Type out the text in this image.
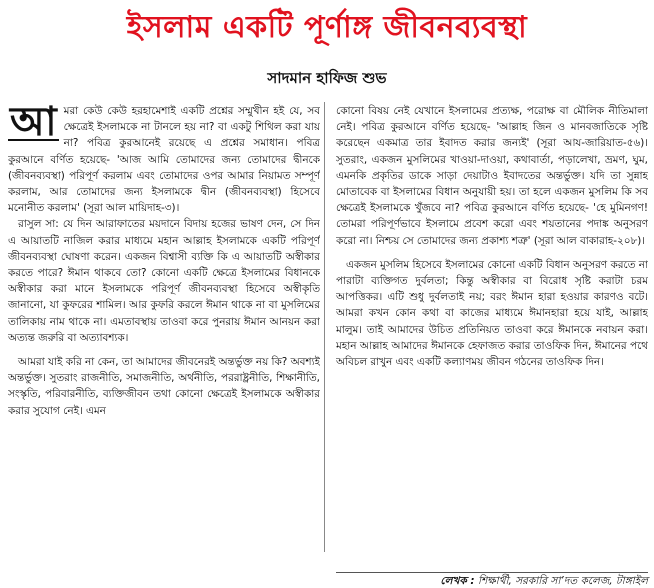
ইসলাম একটি পূর্ণাঙ্গ জীবনব্যবস্থা
সাদমান হাফিজ শুভ

আ মরা কেউ কেউ হরহামেশাই একটি প্রশ্নের সম্মুখীন হই যে, সব ক্ষেত্রেই ইসলামকে না টানলে হয় না? বা একটু শিথিল করা যায় না? পবিত্র কুরআনেই রয়েছে এ প্রশ্নের সমাধান। পবিত্র কুরআনে বর্ণিত হয়েছে- 'আজ আমি তোমাদের জন্য তোমাদের দ্বীনকে (জীবনব্যবস্থা) পরিপূর্ণ করলাম এবং তোমাদের ওপর আমার নিয়ামত সম্পূর্ণ করলাম, আর তোমাদের জন্য ইসলামকে দ্বীন (জীবনব্যবস্থা) হিসেবে মনোনীত করলাম' (সূরা আল মায়িদাহ-৩)।

রাসুল সা: যে দিন আরাফাতের ময়দানে বিদায় হজের ভাষণ দেন, সে দিন এ আয়াতটি নাজিল করার মাধ্যমে মহান আল্লাহ ইসলামকে একটি পরিপূর্ণ জীবনব্যবস্থা ঘোষণা করেন। একজন বিশ্বাসী ব্যক্তি কি এ আয়াতটি অস্বীকার করতে পারে? ঈমান থাকবে তো? কোনো একটি ক্ষেত্রে ইসলামের বিধানকে অস্বীকার করা মানে ইসলামকে পরিপূর্ণ জীবনব্যবস্থা হিসেবে অস্বীকৃতি জানানো, যা কুফরের শামিল। আর কুফরি করলে ঈমান থাকে না বা মুসলিমের তালিকায় নাম থাকে না। এমতাবস্থায় তাওবা করে পুনরায় ঈমান আনয়ন করা অত্যন্ত জরুরি বা অত্যাবশ্যক।

আমরা যাই করি না কেন, তা আমাদের জীবনেরই অন্তর্ভুক্ত নয় কি? অবশ্যই অন্তর্ভুক্ত। সুতরাং রাজনীতি, সমাজনীতি, অর্থনীতি, পররাষ্ট্রনীতি, শিক্ষানীতি, সংস্কৃতি, পরিবারনীতি, ব্যক্তিজীবন তথা কোনো ক্ষেত্রেই ইসলামকে অস্বীকার করার সুযোগ নেই। এমন

কোনো বিষয় নেই যেখানে ইসলামের প্রত্যক্ষ, পরোক্ষ বা মৌলিক নীতিমালা নেই। পবিত্র কুরআনে বর্ণিত হয়েছে- 'আল্লাহ জিন ও মানবজাতিকে সৃষ্টি করেছেন একমাত্র তার ইবাদত করার জন্যই' (সূরা আয-জারিয়াত-৫৬)। সুতরাং, একজন মুসলিমের খাওয়া-দাওয়া, কথাবার্তা, পড়ালেখা, ভ্রমণ, ঘুম, এমনকি প্রকৃতির ডাকে সাড়া দেয়াটাও ইবাদতের অন্তর্ভুক্ত। যদি তা সুন্নাহ মোতাবেক বা ইসলামের বিধান অনুযায়ী হয়। তা হলে একজন মুসলিম কি সব ক্ষেত্রেই ইসলামকে খুঁজবে না? পবিত্র কুরআনে বর্ণিত হয়েছে- 'হে মুমিনগণ! তোমরা পরিপূর্ণভাবে ইসলামে প্রবেশ করো এবং শয়তানের পদাঙ্ক অনুসরণ করো না। নিশ্চয় সে তোমাদের জন্য প্রকাশ্য শত্রু' (সূরা আল বাকারাহ-২০৮)।

একজন মুসলিম হিসেবে ইসলামের কোনো একটি বিধান অনুসরণ করতে না পারাটা ব্যক্তিগত দুর্বলতা; কিন্তু অস্বীকার বা বিরোধ সৃষ্টি করাটা চরম আপত্তিকর। এটি শুধু দুর্বলতাই নয়; বরং ঈমান হারা হওয়ার কারণও বটে। আমরা কখন কোন কথা বা কাজের মাধ্যমে ঈমানহারা হয়ে যাই, আল্লাহ মালুম। তাই আমাদের উচিত প্রতিনিয়ত তাওবা করে ঈমানকে নবায়ন করা। মহান আল্লাহ আমাদের ঈমানকে হেফাজত করার তাওফিক দিন, ঈমানের পথে অবিচল রাখুন এবং একটি কল্যাণময় জীবন গঠনের তাওফিক দিন।

লেখক : শিক্ষার্থী, সরকারি সা’দত কলেজ, টাঙ্গাইল
